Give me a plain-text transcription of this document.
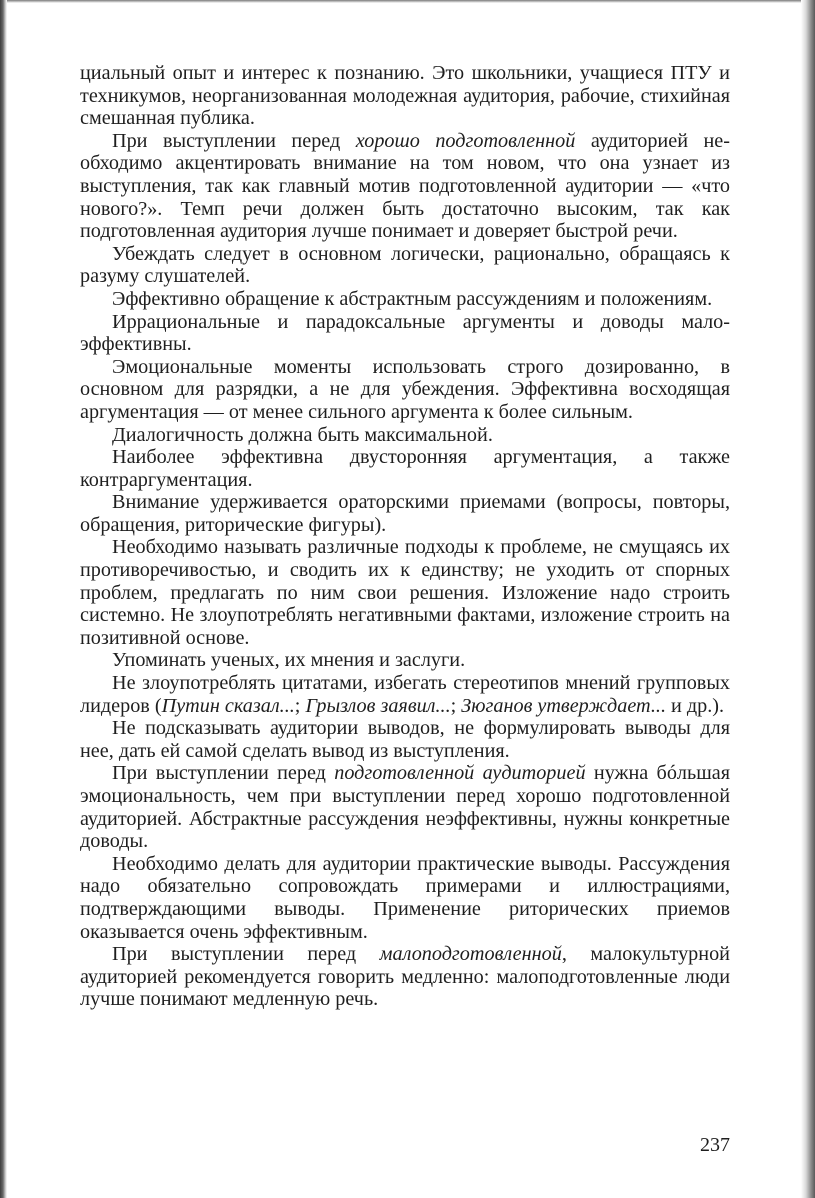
циальный опыт и интерес к познанию. Это школьники, учащиеся ПТУ и техникумов, неорганизованная молодежная аудитория, рабочие, стихийная смешанная публика.

При выступлении перед хорошо подготовленной аудиторией необходимо акцентировать внимание на том новом, что она узнает из выступления, так как главный мотив подготовленной аудитории — «что нового?». Темп речи должен быть достаточно высоким, так как подготовленная аудитория лучше понимает и доверяет быстрой речи.

Убеждать следует в основном логически, рационально, обращаясь к разуму слушателей.

Эффективно обращение к абстрактным рассуждениям и положениям.

Иррациональные и парадоксальные аргументы и доводы малоэффективны.

Эмоциональные моменты использовать строго дозированно, в основном для разрядки, а не для убеждения. Эффективна восходящая аргументация — от менее сильного аргумента к более сильным.

Диалогичность должна быть максимальной.

Наиболее эффективна двусторонняя аргументация, а также контраргументация.

Внимание удерживается ораторскими приемами (вопросы, повторы, обращения, риторические фигуры).

Необходимо называть различные подходы к проблеме, не смущаясь их противоречивостью, и сводить их к единству; не уходить от спорных проблем, предлагать по ним свои решения. Изложение надо строить системно. Не злоупотреблять негативными фактами, изложение строить на позитивной основе.

Упоминать ученых, их мнения и заслуги.

Не злоупотреблять цитатами, избегать стереотипов мнений групповых лидеров (Путин сказал...; Грызлов заявил...; Зюганов утверждает... и др.).

Не подсказывать аудитории выводов, не формулировать выводы для нее, дать ей самой сделать вывод из выступления.

При выступлении перед подготовленной аудиторией нужна бóльшая эмоциональность, чем при выступлении перед хорошо подготовленной аудиторией. Абстрактные рассуждения неэффективны, нужны конкретные доводы.

Необходимо делать для аудитории практические выводы. Рассуждения надо обязательно сопровождать примерами и иллюстрациями, подтверждающими выводы. Применение риторических приемов оказывается очень эффективным.

При выступлении перед малоподготовленной, малокультурной аудиторией рекомендуется говорить медленно: малоподготовленные люди лучше понимают медленную речь.

237
